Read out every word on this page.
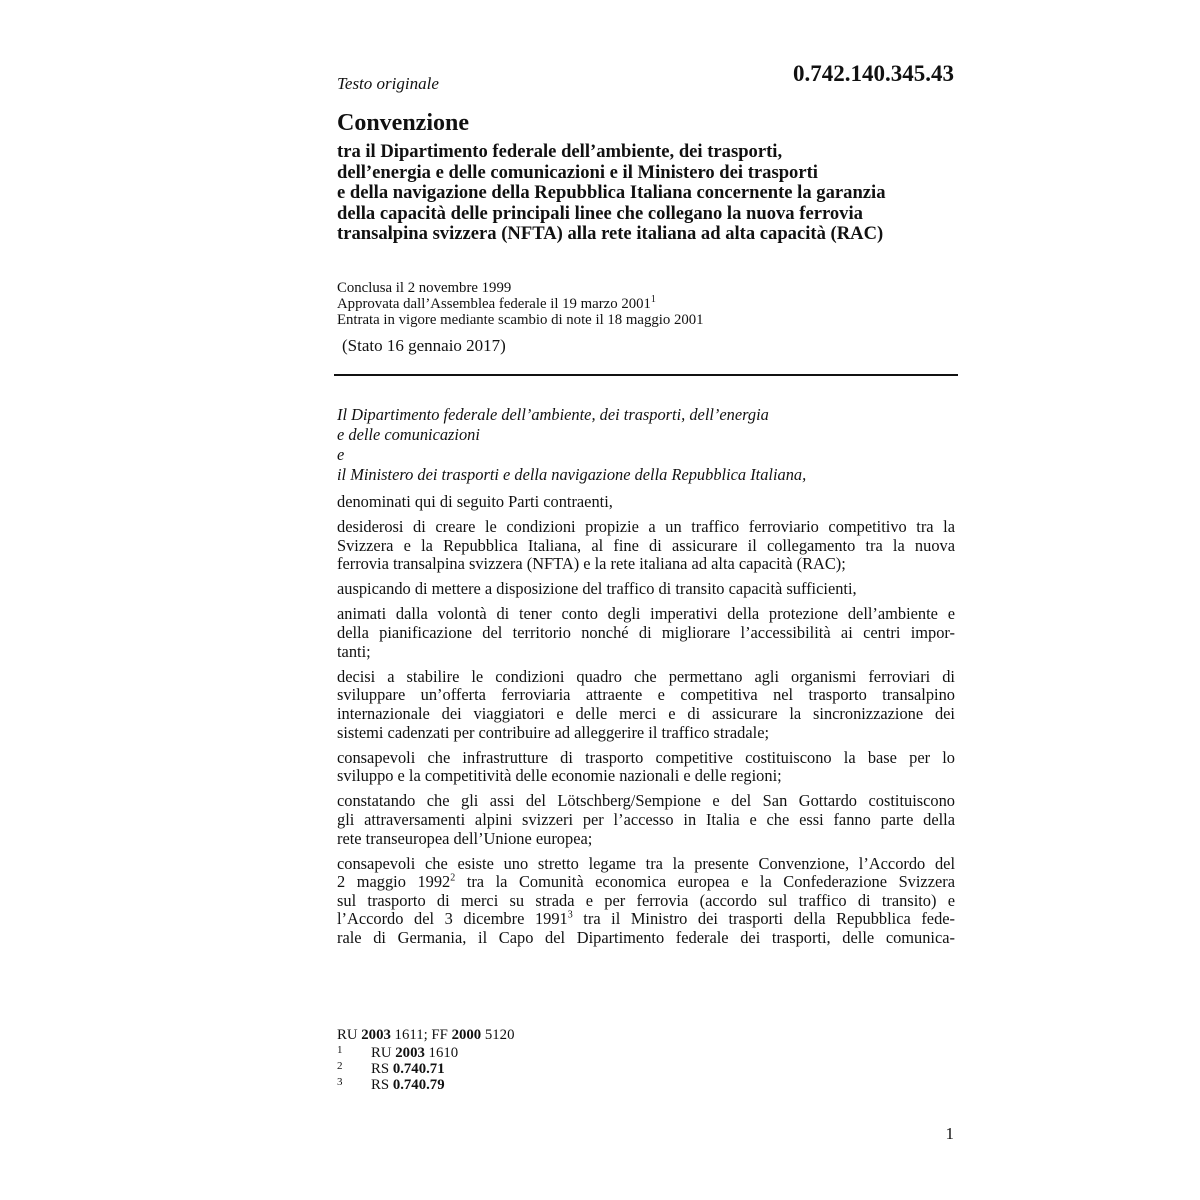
Testo originale	0.742.140.345.43
Convenzione
tra il Dipartimento federale dell’ambiente, dei trasporti,
dell’energia e delle comunicazioni e il Ministero dei trasporti
e della navigazione della Repubblica Italiana concernente la garanzia
della capacità delle principali linee che collegano la nuova ferrovia
transalpina svizzera (NFTA) alla rete italiana ad alta capacità (RAC)
Conclusa il 2 novembre 1999
Approvata dall’Assemblea federale il 19 marzo 2001$^1$
Entrata in vigore mediante scambio di note il 18 maggio 2001
(Stato 16 gennaio 2017)
Il Dipartimento federale dell’ambiente, dei trasporti, dell’energia
e delle comunicazioni
e
il Ministero dei trasporti e della navigazione della Repubblica Italiana,
denominati qui di seguito Parti contraenti,
desiderosi di creare le condizioni propizie a un traffico ferroviario competitivo tra la
Svizzera e la Repubblica Italiana, al fine di assicurare il collegamento tra la nuova
ferrovia transalpina svizzera (NFTA) e la rete italiana ad alta capacità (RAC);
auspicando di mettere a disposizione del traffico di transito capacità sufficienti,
animati dalla volontà di tener conto degli imperativi della protezione dell’ambiente e
della pianificazione del territorio nonché di migliorare l’accessibilità ai centri impor-
tanti;
decisi a stabilire le condizioni quadro che permettano agli organismi ferroviari di
sviluppare un’offerta ferroviaria attraente e competitiva nel trasporto transalpino
internazionale dei viaggiatori e delle merci e di assicurare la sincronizzazione dei
sistemi cadenzati per contribuire ad alleggerire il traffico stradale;
consapevoli che infrastrutture di trasporto competitive costituiscono la base per lo
sviluppo e la competitività delle economie nazionali e delle regioni;
constatando che gli assi del Lötschberg/Sempione e del San Gottardo costituiscono
gli attraversamenti alpini svizzeri per l’accesso in Italia e che essi fanno parte della
rete transeuropea dell’Unione europea;
consapevoli che esiste uno stretto legame tra la presente Convenzione, l’Accordo del
2 maggio 1992$^2$ tra la Comunità economica europea e la Confederazione Svizzera
sul trasporto di merci su strada e per ferrovia (accordo sul traffico di transito) e
l’Accordo del 3 dicembre 1991$^3$ tra il Ministro dei trasporti della Repubblica fede-
rale di Germania, il Capo del Dipartimento federale dei trasporti, delle comunica-
RU 2003 1611; FF 2000 5120
1 RU 2003 1610
2 RS 0.740.71
3 RS 0.740.79
1
